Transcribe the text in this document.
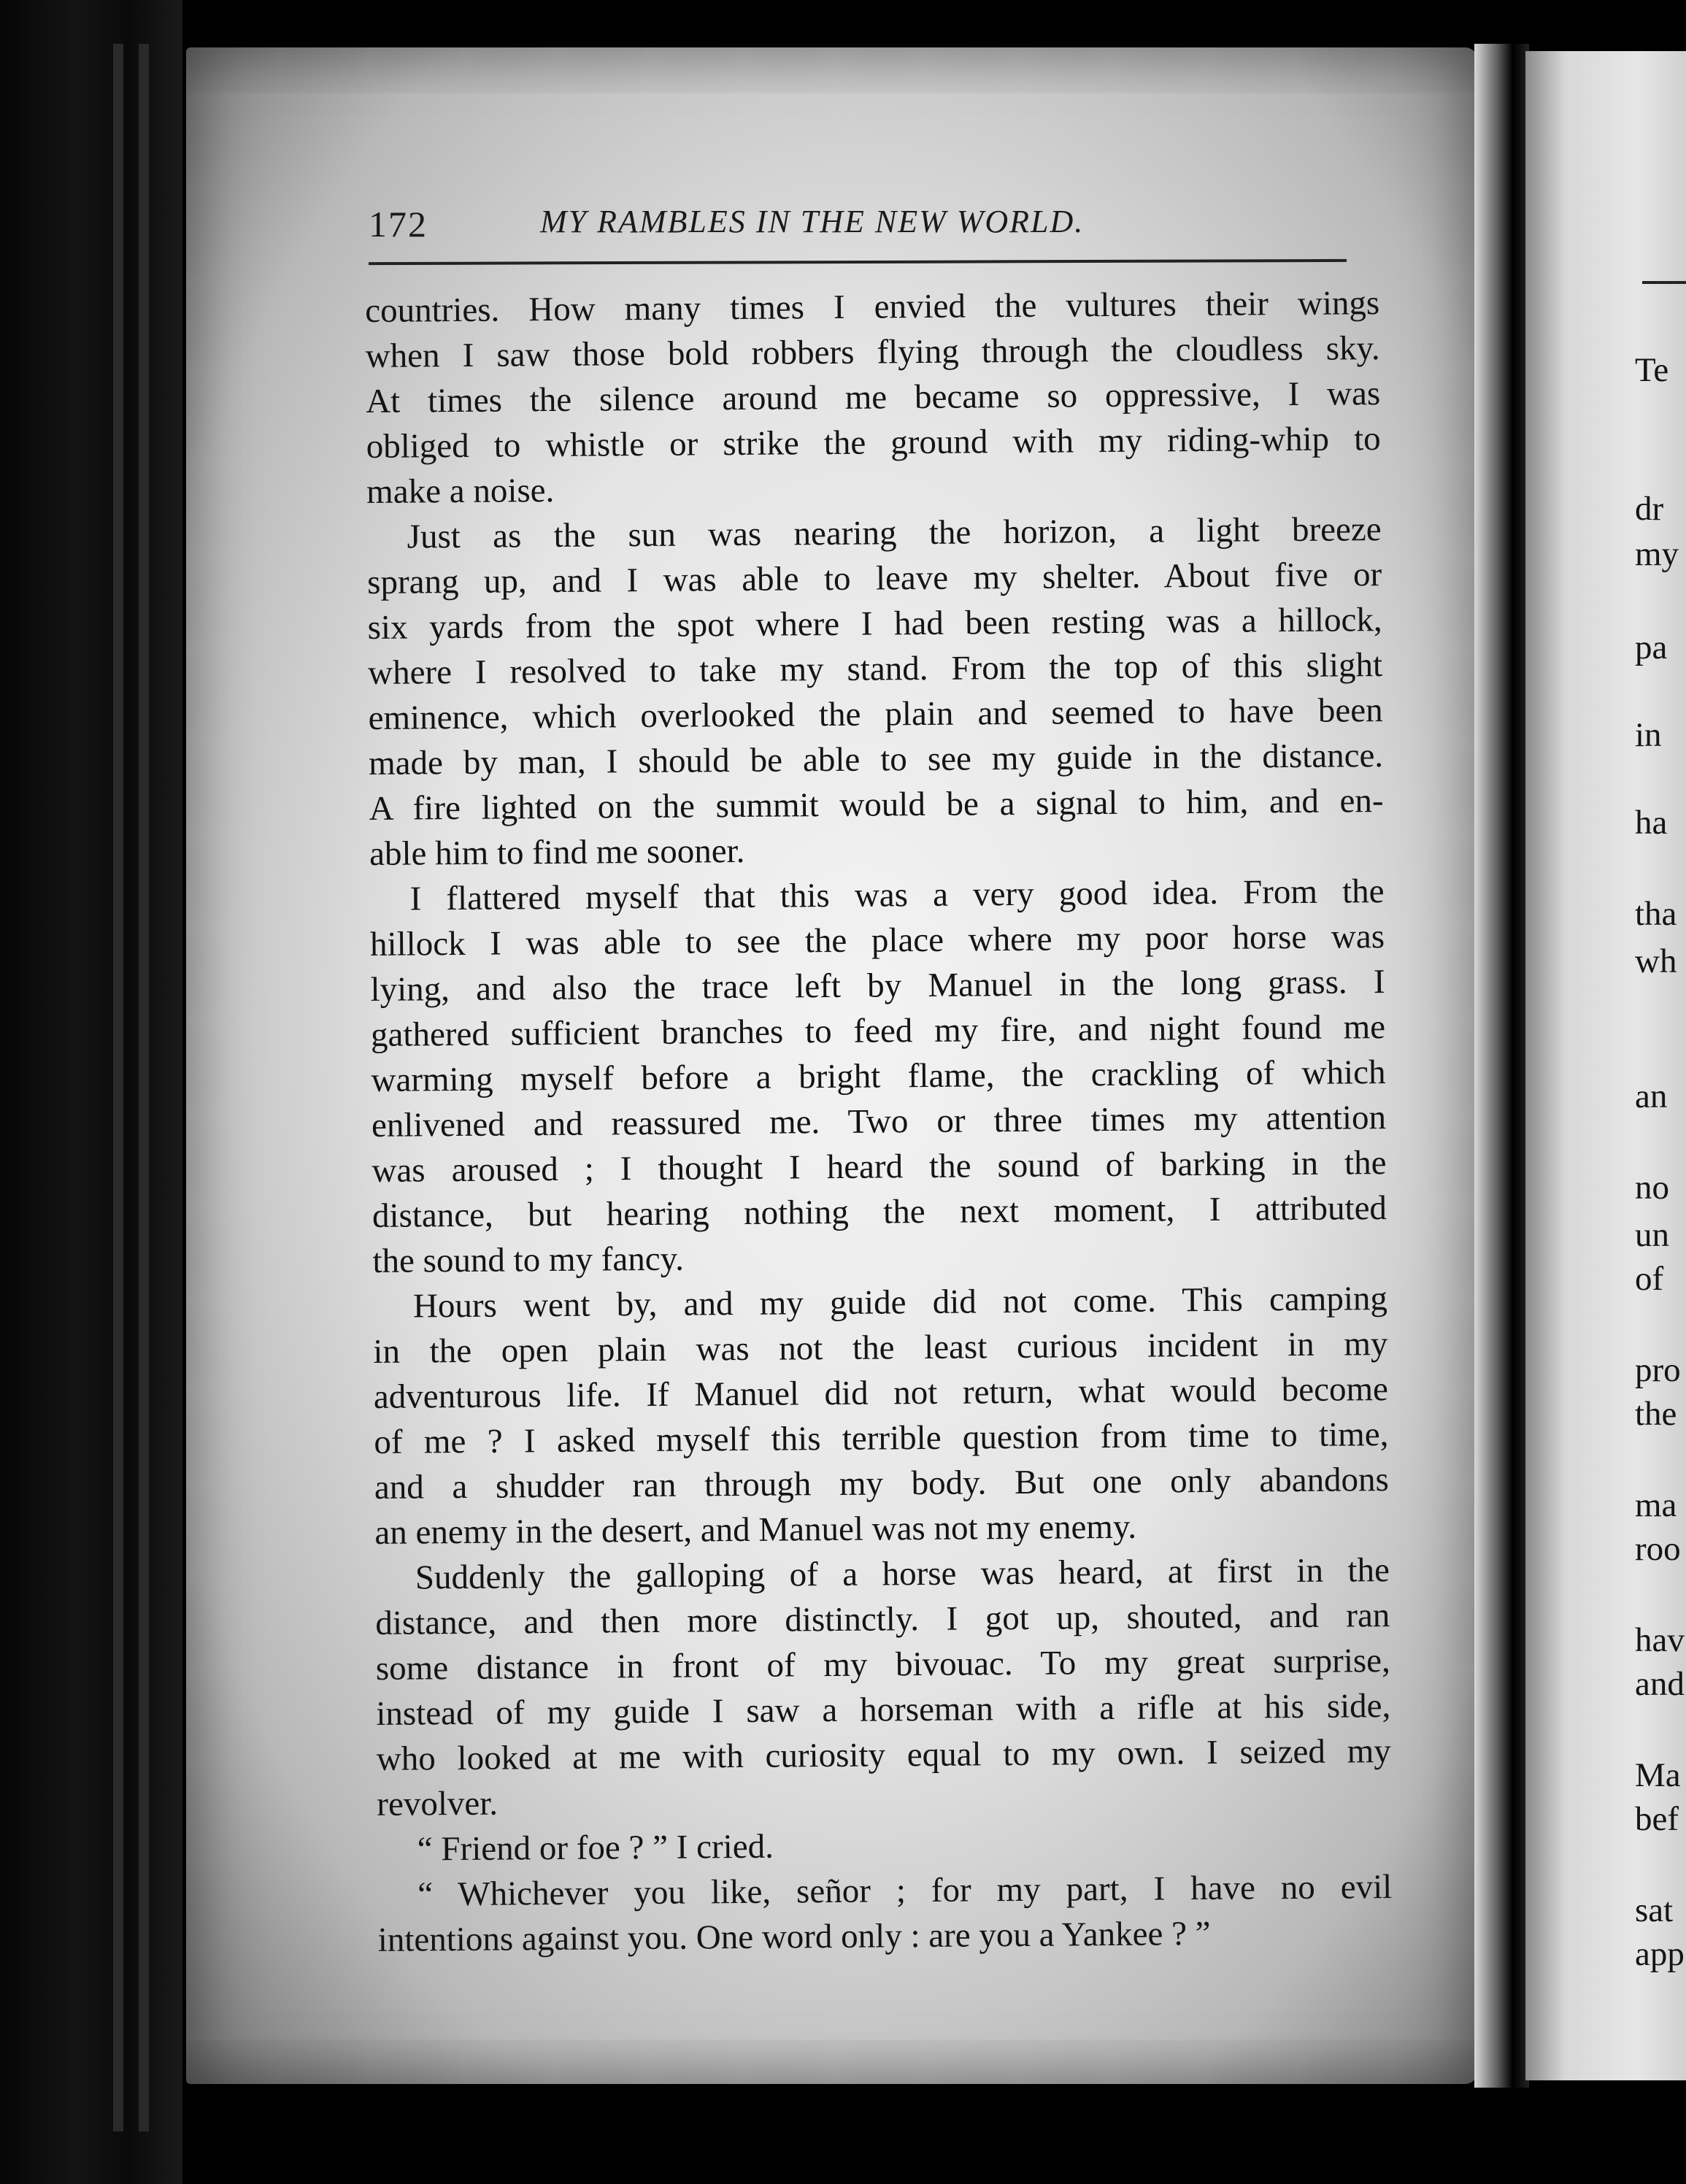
172	MY RAMBLES IN THE NEW WORLD.
countries. How many times I envied the vultures their wings
when I saw those bold robbers flying through the cloudless sky.
At times the silence around me became so oppressive, I was
obliged to whistle or strike the ground with my riding-whip to
make a noise.
Just as the sun was nearing the horizon, a light breeze
sprang up, and I was able to leave my shelter. About five or
six yards from the spot where I had been resting was a hillock,
where I resolved to take my stand. From the top of this slight
eminence, which overlooked the plain and seemed to have been
made by man, I should be able to see my guide in the distance.
A fire lighted on the summit would be a signal to him, and en-
able him to find me sooner.
I flattered myself that this was a very good idea. From the
hillock I was able to see the place where my poor horse was
lying, and also the trace left by Manuel in the long grass. I
gathered sufficient branches to feed my fire, and night found me
warming myself before a bright flame, the crackling of which
enlivened and reassured me. Two or three times my attention
was aroused ; I thought I heard the sound of barking in the
distance, but hearing nothing the next moment, I attributed
the sound to my fancy.
Hours went by, and my guide did not come. This camping
in the open plain was not the least curious incident in my
adventurous life. If Manuel did not return, what would become
of me ? I asked myself this terrible question from time to time,
and a shudder ran through my body. But one only abandons
an enemy in the desert, and Manuel was not my enemy.
Suddenly the galloping of a horse was heard, at first in the
distance, and then more distinctly. I got up, shouted, and ran
some distance in front of my bivouac. To my great surprise,
instead of my guide I saw a horseman with a rifle at his side,
who looked at me with curiosity equal to my own. I seized my
revolver.
“ Friend or foe ? ” I cried.
“ Whichever you like, señor ; for my part, I have no evil
intentions against you. One word only : are you a Yankee ? ”
Te
dr
my
pa
in
ha
tha
wh
an
no
un
of
pro
the
ma
roo
hav
and
Ma
bef
sat
app
